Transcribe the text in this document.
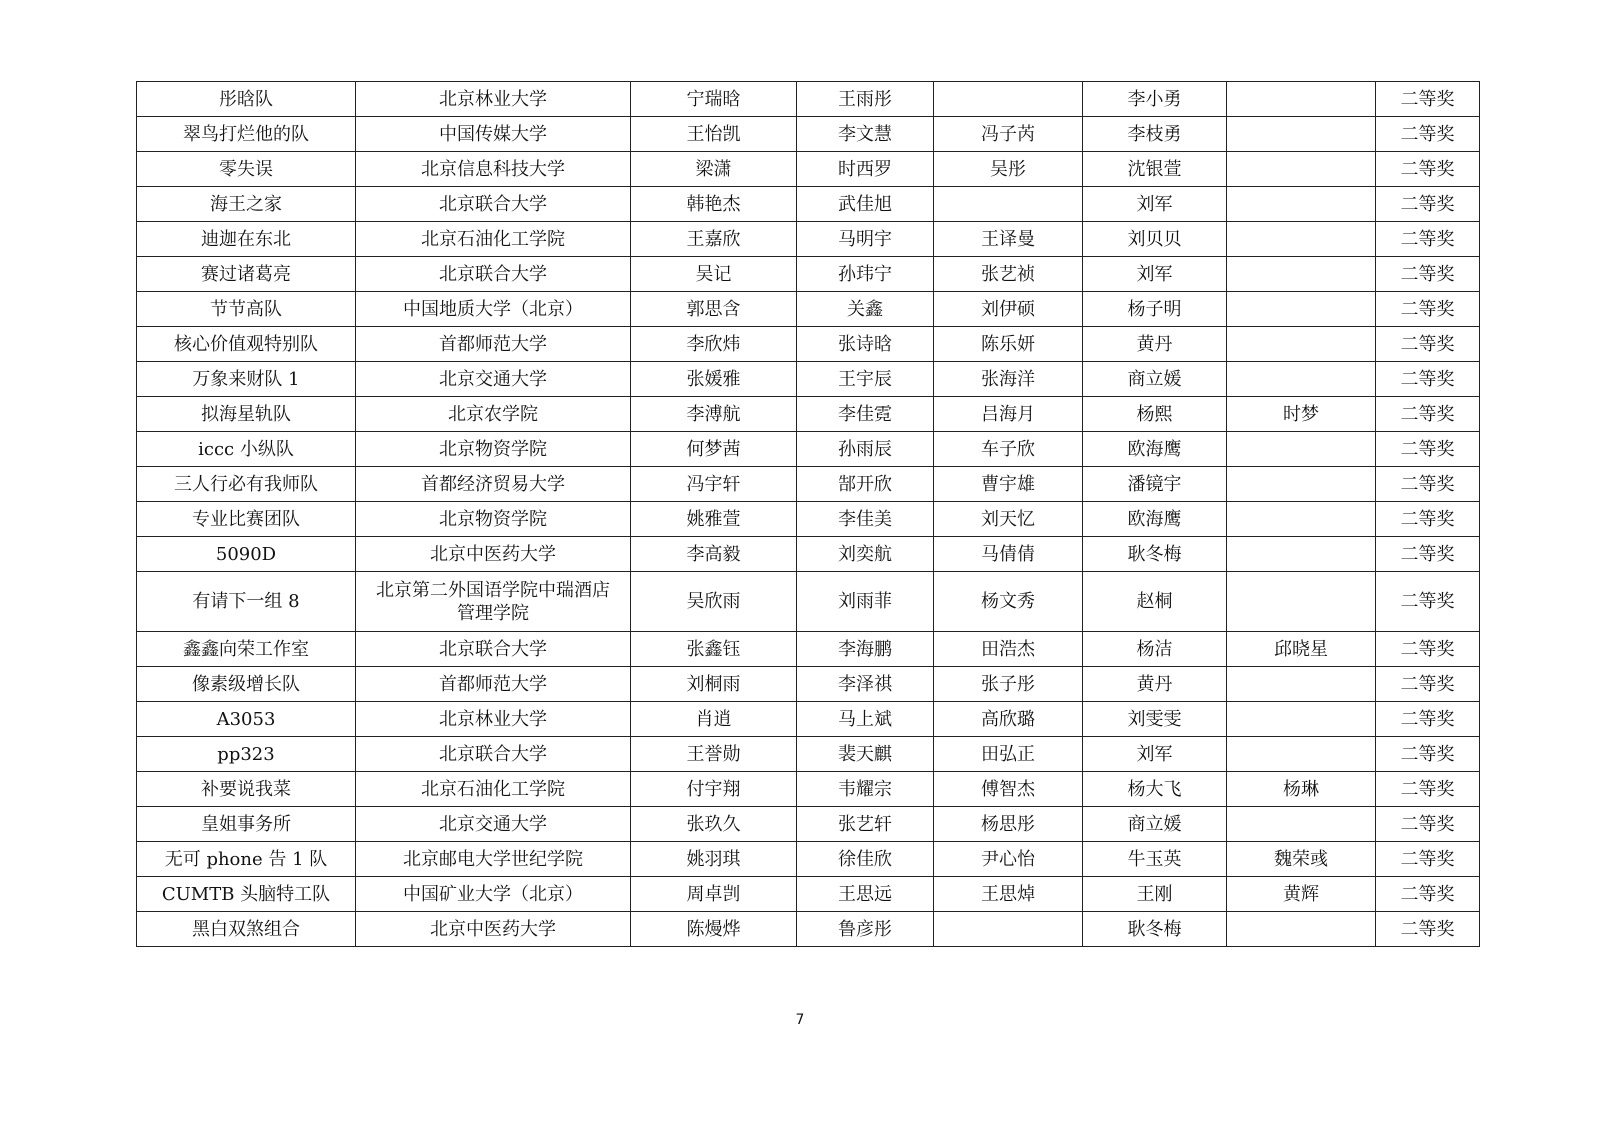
彤晗队	北京林业大学	宁瑞晗	王雨彤		李小勇		二等奖
翠鸟打烂他的队	中国传媒大学	王怡凯	李文慧	冯子芮	李枝勇		二等奖
零失误	北京信息科技大学	梁潇	时西罗	吴彤	沈银萱		二等奖
海王之家	北京联合大学	韩艳杰	武佳旭		刘军		二等奖
迪迦在东北	北京石油化工学院	王嘉欣	马明宇	王译曼	刘贝贝		二等奖
赛过诸葛亮	北京联合大学	吴记	孙玮宁	张艺祯	刘军		二等奖
节节高队	中国地质大学（北京）	郭思含	关鑫	刘伊硕	杨子明		二等奖
核心价值观特别队	首都师范大学	李欣炜	张诗晗	陈乐妍	黄丹		二等奖
万象来财队 1	北京交通大学	张媛雅	王宇辰	张海洋	商立媛		二等奖
拟海星轨队	北京农学院	李溥航	李佳霓	吕海月	杨熙	时梦	二等奖
iccc 小纵队	北京物资学院	何梦茜	孙雨辰	车子欣	欧海鹰		二等奖
三人行必有我师队	首都经济贸易大学	冯宇轩	郜开欣	曹宇雄	潘镜宇		二等奖
专业比赛团队	北京物资学院	姚雅萱	李佳美	刘天忆	欧海鹰		二等奖
5090D	北京中医药大学	李高毅	刘奕航	马倩倩	耿冬梅		二等奖
有请下一组 8	北京第二外国语学院中瑞酒店管理学院	吴欣雨	刘雨菲	杨文秀	赵桐		二等奖
鑫鑫向荣工作室	北京联合大学	张鑫钰	李海鹏	田浩杰	杨洁	邱晓星	二等奖
像素级增长队	首都师范大学	刘桐雨	李泽祺	张子彤	黄丹		二等奖
A3053	北京林业大学	肖逍	马上斌	高欣璐	刘雯雯		二等奖
pp323	北京联合大学	王誉勋	裴天麒	田弘正	刘军		二等奖
补要说我菜	北京石油化工学院	付宇翔	韦耀宗	傅智杰	杨大飞	杨琳	二等奖
皇姐事务所	北京交通大学	张玖久	张艺轩	杨思彤	商立媛		二等奖
无可 phone 告 1 队	北京邮电大学世纪学院	姚羽琪	徐佳欣	尹心怡	牛玉英	魏荣彧	二等奖
CUMTB 头脑特工队	中国矿业大学（北京）	周卓剀	王思远	王思焯	王刚	黄辉	二等奖
黑白双煞组合	北京中医药大学	陈熳烨	鲁彦彤		耿冬梅		二等奖
7
